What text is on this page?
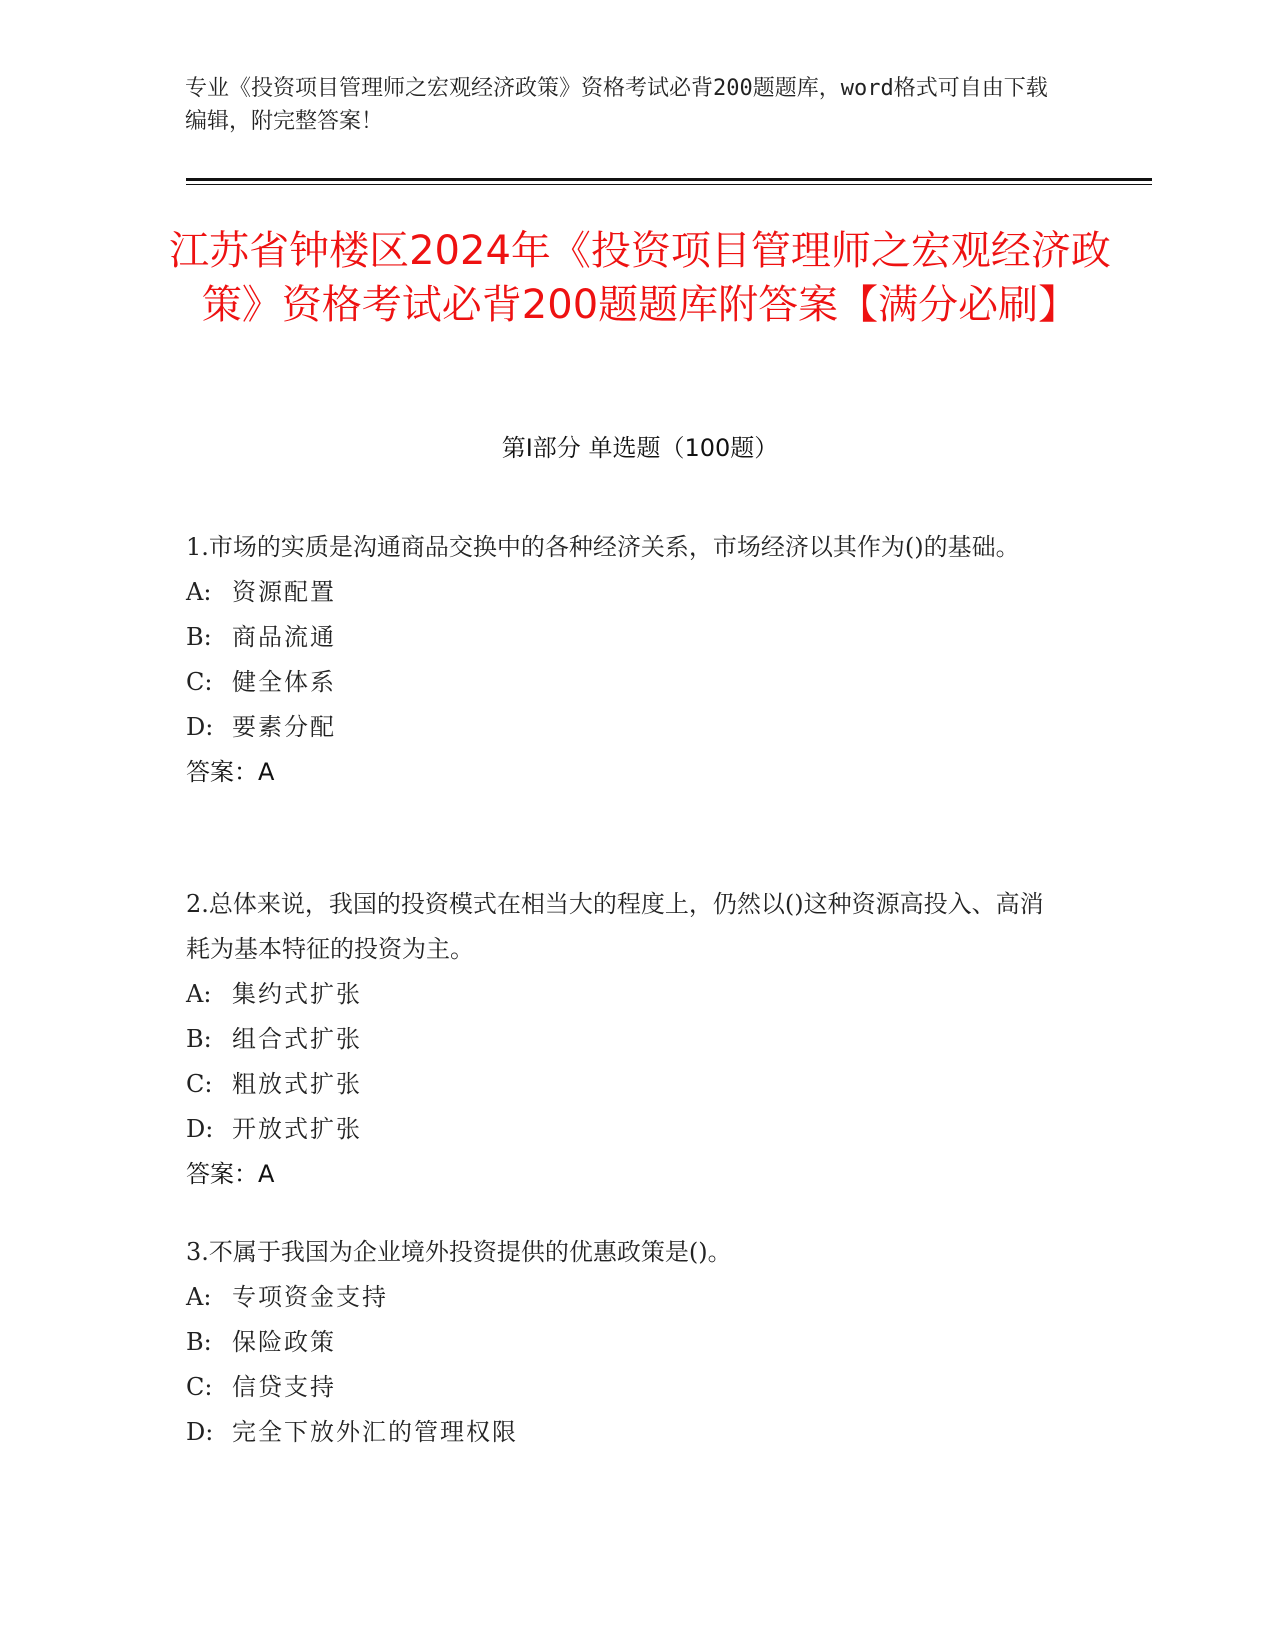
专业《投资项目管理师之宏观经济政策》资格考试必背200题题库，word格式可自由下载编辑，附完整答案！
江苏省钟楼区2024年《投资项目管理师之宏观经济政策》资格考试必背200题题库附答案【满分必刷】
第Ⅰ部分 单选题（100题）

1.市场的实质是沟通商品交换中的各种经济关系，市场经济以其作为()的基础。

A: 资源配置

B: 商品流通

C: 健全体系

D: 要素分配

答案：A

2.总体来说，我国的投资模式在相当大的程度上，仍然以()这种资源高投入、高消耗为基本特征的投资为主。

A: 集约式扩张

B: 组合式扩张

C: 粗放式扩张

D: 开放式扩张

答案：A

3.不属于我国为企业境外投资提供的优惠政策是()。

A: 专项资金支持

B: 保险政策

C: 信贷支持

D: 完全下放外汇的管理权限
